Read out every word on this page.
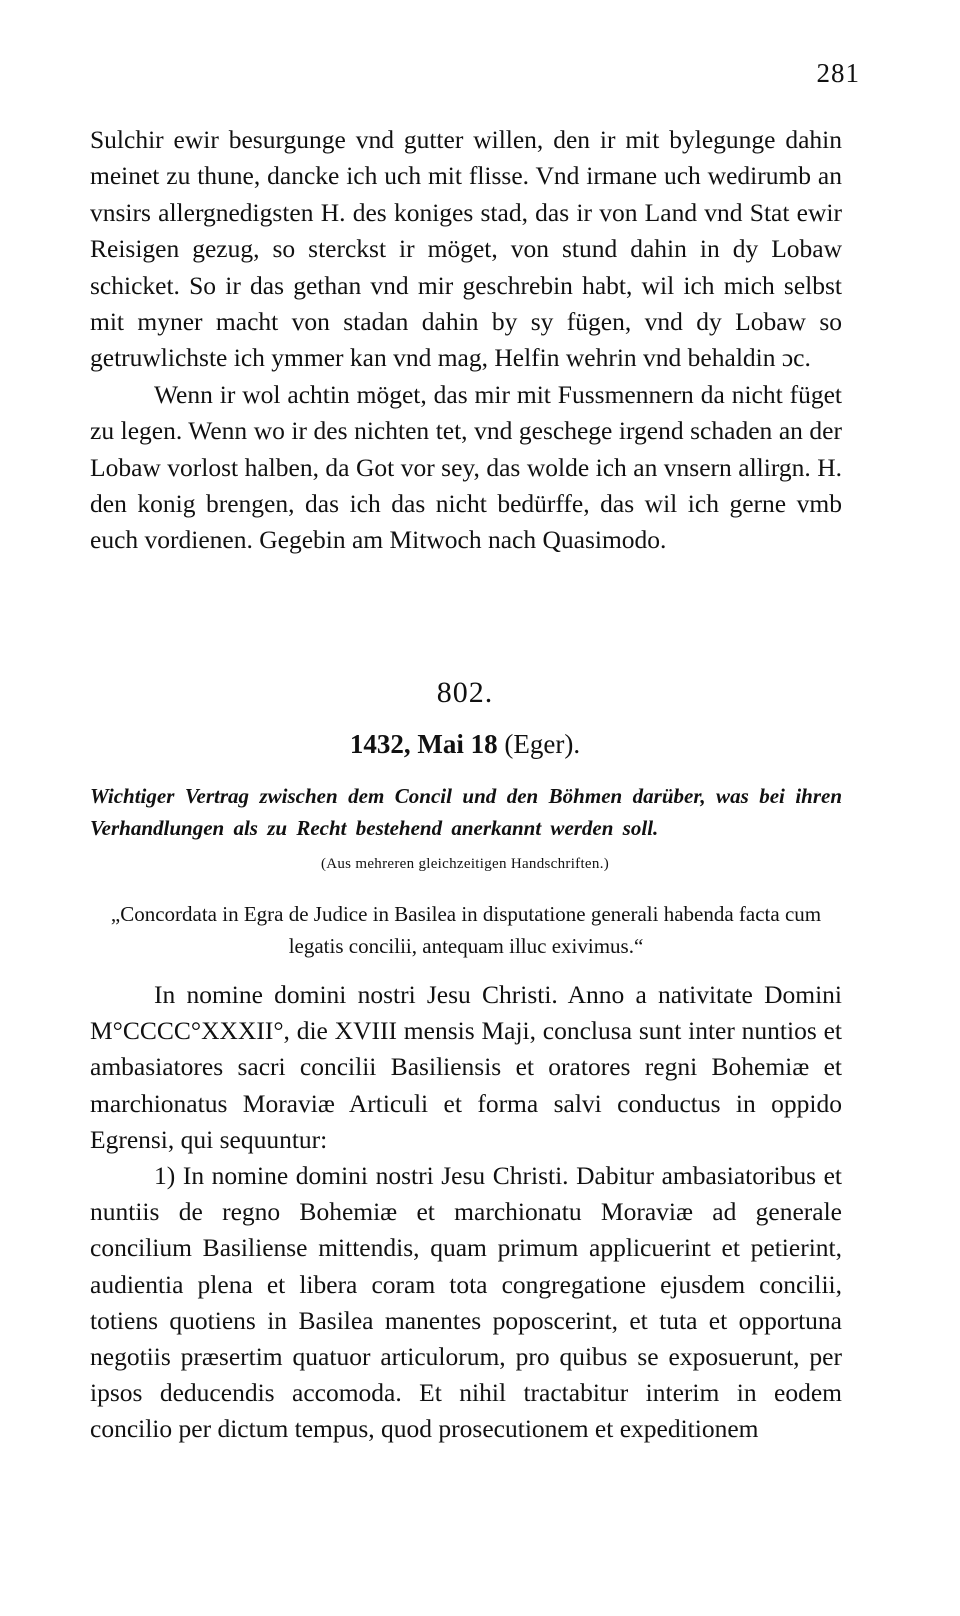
281

Sulchir ewir besurgunge vnd gutter willen, den ir mit bylegunge dahin meinet zu thune, dancke ich uch mit flisse. Vnd irmane uch wedirumb an vnsirs allergnedigsten H. des koniges stad, das ir von Land vnd Stat ewir Reisigen gezug, so sterckst ir möget, von stund dahin in dy Lobaw schicket. So ir das gethan vnd mir geschrebin habt, wil ich mich selbst mit myner macht von stadan dahin by sy fügen, vnd dy Lobaw so getruwlichste ich ymmer kan vnd mag, Helfin wehrin vnd behaldin ɔc.

Wenn ir wol achtin möget, das mir mit Fussmennern da nicht füget zu legen. Wenn wo ir des nichten tet, vnd geschege irgend schaden an der Lobaw vorlost halben, da Got vor sey, das wolde ich an vnsern allirgn. H. den konig brengen, das ich das nicht bedürffe, das wil ich gerne vmb euch vordienen. Gegebin am Mitwoch nach Quasimodo.

802.
1432, Mai 18 (Eger).
Wichtiger Vertrag zwischen dem Concil und den Böhmen darüber, was bei ihren Verhandlungen als zu Recht bestehend anerkannt werden soll.
(Aus mehreren gleichzeitigen Handschriften.)
„Concordata in Egra de Judice in Basilea in disputatione generali habenda facta cum legatis concilii, antequam illuc exivimus.“

In nomine domini nostri Jesu Christi. Anno a nativitate Domini M°CCCC°XXXII°, die XVIII mensis Maji, conclusa sunt inter nuntios et ambasiatores sacri concilii Basiliensis et oratores regni Bohemiæ et marchionatus Moraviæ Articuli et forma salvi conductus in oppido Egrensi, qui sequuntur:

1) In nomine domini nostri Jesu Christi. Dabitur ambasiatoribus et nuntiis de regno Bohemiæ et marchionatu Moraviæ ad generale concilium Basiliense mittendis, quam primum applicuerint et petierint, audientia plena et libera coram tota congregatione ejusdem concilii, totiens quotiens in Basilea manentes poposcerint, et tuta et opportuna negotiis præsertim quatuor articulorum, pro quibus se exposuerunt, per ipsos deducendis accomoda. Et nihil tractabitur interim in eodem concilio per dictum tempus, quod prosecutionem et expeditionem
